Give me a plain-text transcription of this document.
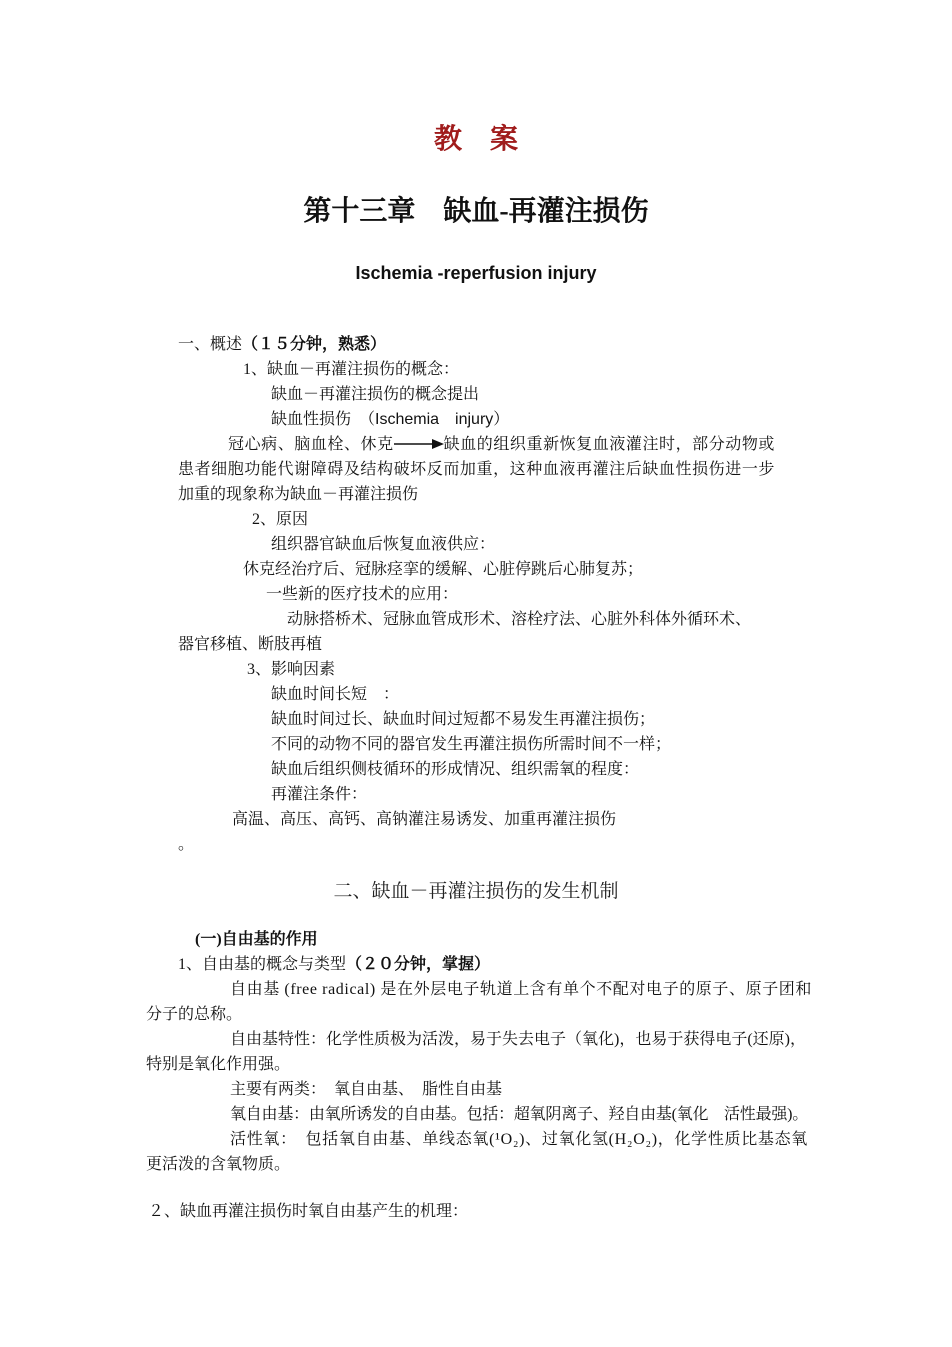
教　案
第十三章　缺血-再灌注损伤
Ischemia -reperfusion injury
一、概述（１５分钟，熟悉）
1、缺血－再灌注损伤的概念：
缺血－再灌注损伤的概念提出
缺血性损伤　（Ischemia　injury）
冠心病、脑血栓、休克	缺血的组织重新恢复血液灌注时，部分动物或
患者细胞功能代谢障碍及结构破坏反而加重，这种血液再灌注后缺血性损伤进一步
加重的现象称为缺血－再灌注损伤
2、原因
组织器官缺血后恢复血液供应：
休克经治疗后、冠脉痉挛的缓解、心脏停跳后心肺复苏；
一些新的医疗技术的应用：
动脉搭桥术、冠脉血管成形术、溶栓疗法、心脏外科体外循环术、
器官移植、断肢再植
3、影响因素
缺血时间长短　：
缺血时间过长、缺血时间过短都不易发生再灌注损伤；
不同的动物不同的器官发生再灌注损伤所需时间不一样；
缺血后组织侧枝循环的形成情况、组织需氧的程度：
再灌注条件：
高温、高压、高钙、高钠灌注易诱发、加重再灌注损伤
。
二、缺血－再灌注损伤的发生机制
(一)自由基的作用
1、自由基的概念与类型（２０分钟，掌握）
自由基 (free radical) 是在外层电子轨道上含有单个不配对电子的原子、原子团和
分子的总称。
自由基特性：化学性质极为活泼，易于失去电子（氧化)，也易于获得电子(还原)，
特别是氧化作用强。
主要有两类：　氧自由基、　脂性自由基
氧自由基：由氧所诱发的自由基。包括：超氧阴离子、羟自由基(氧化　活性最强)。
活性氧：　包括氧自由基、单线态氧(¹O₂)、过氧化氢(H₂O₂)，化学性质比基态氧
更活泼的含氧物质。
２、缺血再灌注损伤时氧自由基产生的机理：
